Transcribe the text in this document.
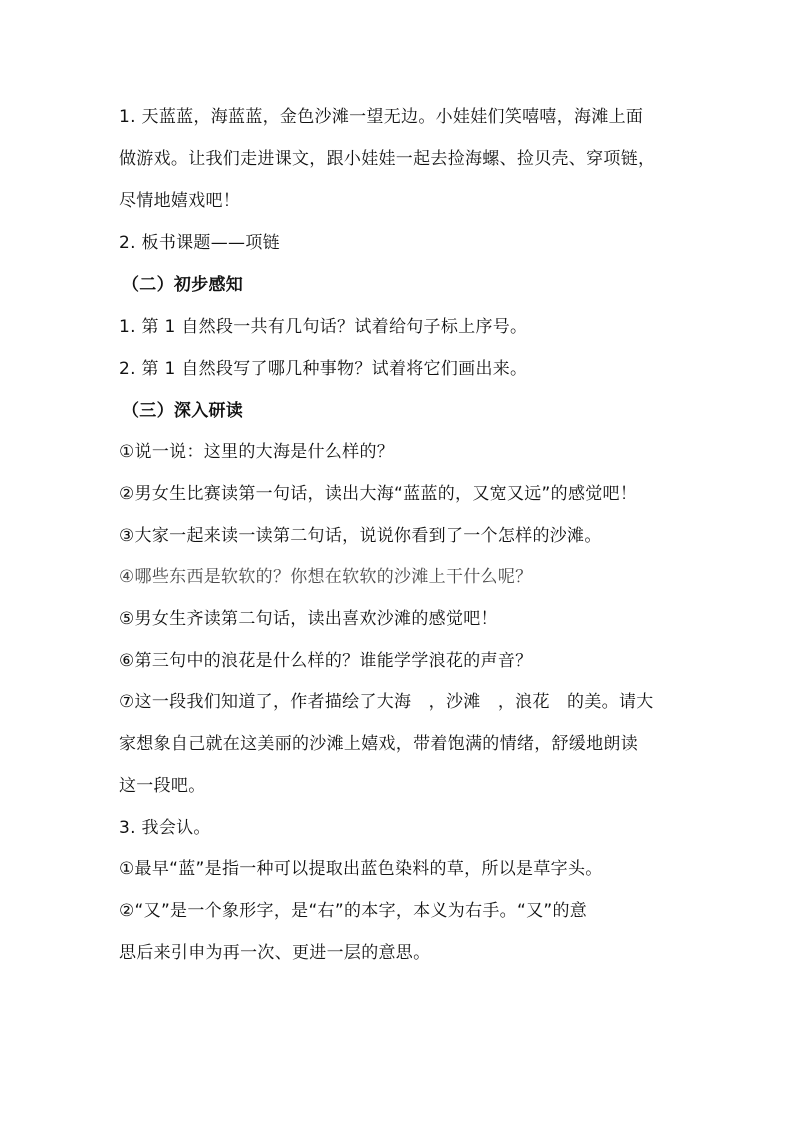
1. 天蓝蓝，海蓝蓝，金色沙滩一望无边。小娃娃们笑嘻嘻，海滩上面

做游戏。让我们走进课文，跟小娃娃一起去捡海螺、捡贝壳、穿项链，

尽情地嬉戏吧！

2. 板书课题——项链

（二）初步感知

1. 第 1 自然段一共有几句话？试着给句子标上序号。

2. 第 1 自然段写了哪几种事物？试着将它们画出来。

（三）深入研读

①说一说：这里的大海是什么样的？

②男女生比赛读第一句话，读出大海“蓝蓝的，又宽又远”的感觉吧！

③大家一起来读一读第二句话，说说你看到了一个怎样的沙滩。

④哪些东西是软软的？你想在软软的沙滩上干什么呢？

⑤男女生齐读第二句话，读出喜欢沙滩的感觉吧！

⑥第三句中的浪花是什么样的？谁能学学浪花的声音？

⑦这一段我们知道了，作者描绘了大海　，沙滩　，浪花　的美。请大

家想象自己就在这美丽的沙滩上嬉戏，带着饱满的情绪，舒缓地朗读

这一段吧。

3. 我会认。

①最早“蓝”是指一种可以提取出蓝色染料的草，所以是草字头。

②“又”是一个象形字，是“右”的本字，本义为右手。“又”的意

思后来引申为再一次、更进一层的意思。
